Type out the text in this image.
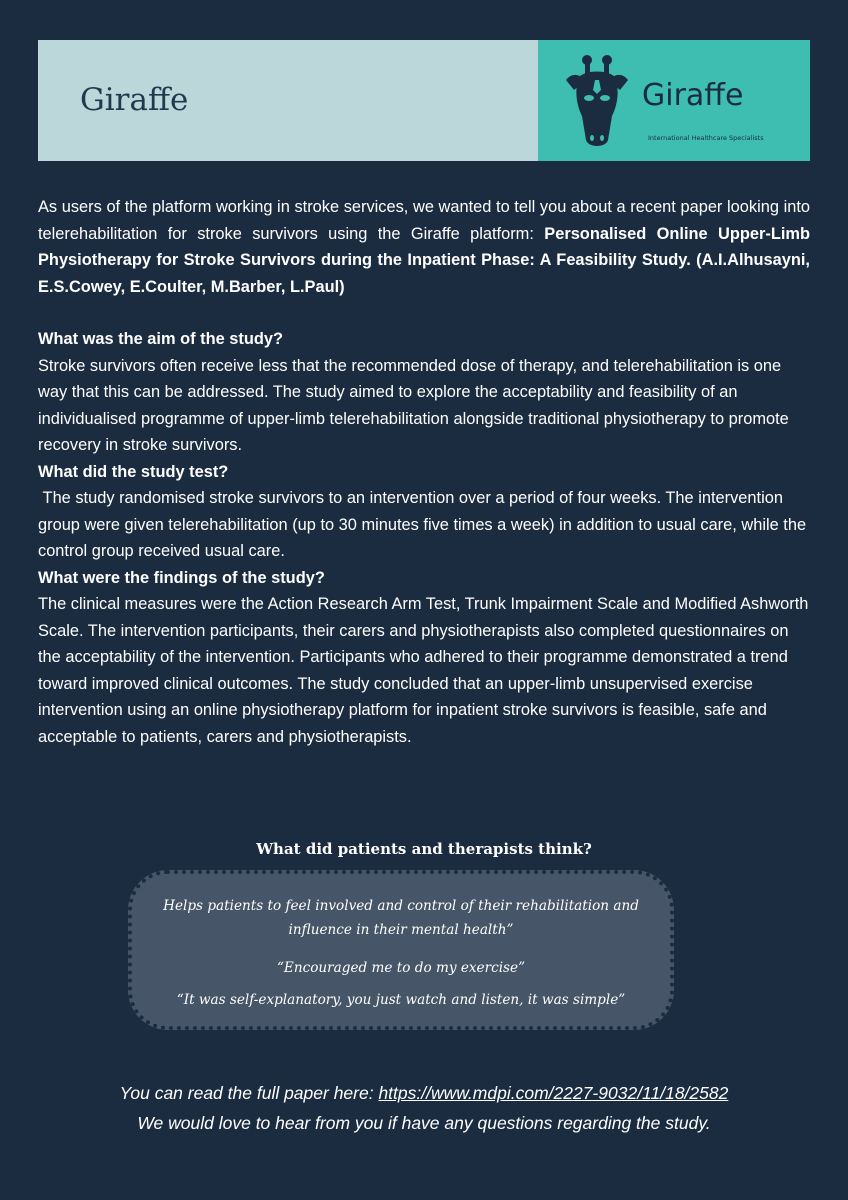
Giraffe	Giraffe
International Healthcare Specialists

As users of the platform working in stroke services, we wanted to tell you about a recent paper looking into telerehabilitation for stroke survivors using the Giraffe platform: Personalised Online Upper-Limb Physiotherapy for Stroke Survivors during the Inpatient Phase: A Feasibility Study. (A.I.Alhusayni, E.S.Cowey, E.Coulter, M.Barber, L.Paul)

What was the aim of the study?

Stroke survivors often receive less that the recommended dose of therapy, and telerehabilitation is one way that this can be addressed. The study aimed to explore the acceptability and feasibility of an individualised programme of upper-limb telerehabilitation alongside traditional physiotherapy to promote recovery in stroke survivors.

What did the study test?

The study randomised stroke survivors to an intervention over a period of four weeks. The intervention group were given telerehabilitation (up to 30 minutes five times a week) in addition to usual care, while the control group received usual care.

What were the findings of the study?

The clinical measures were the Action Research Arm Test, Trunk Impairment Scale and Modified Ashworth Scale. The intervention participants, their carers and physiotherapists also completed questionnaires on the acceptability of the intervention. Participants who adhered to their programme demonstrated a trend toward improved clinical outcomes. The study concluded that an upper-limb unsupervised exercise intervention using an online physiotherapy platform for inpatient stroke survivors is feasible, safe and acceptable to patients, carers and physiotherapists.

What did patients and therapists think?
Helps patients to feel involved and control of their rehabilitation and influence in their mental health”
“Encouraged me to do my exercise”
“It was self-explanatory, you just watch and listen, it was simple”
You can read the full paper here: https://www.mdpi.com/2227-9032/11/18/2582
We would love to hear from you if have any questions regarding the study.
